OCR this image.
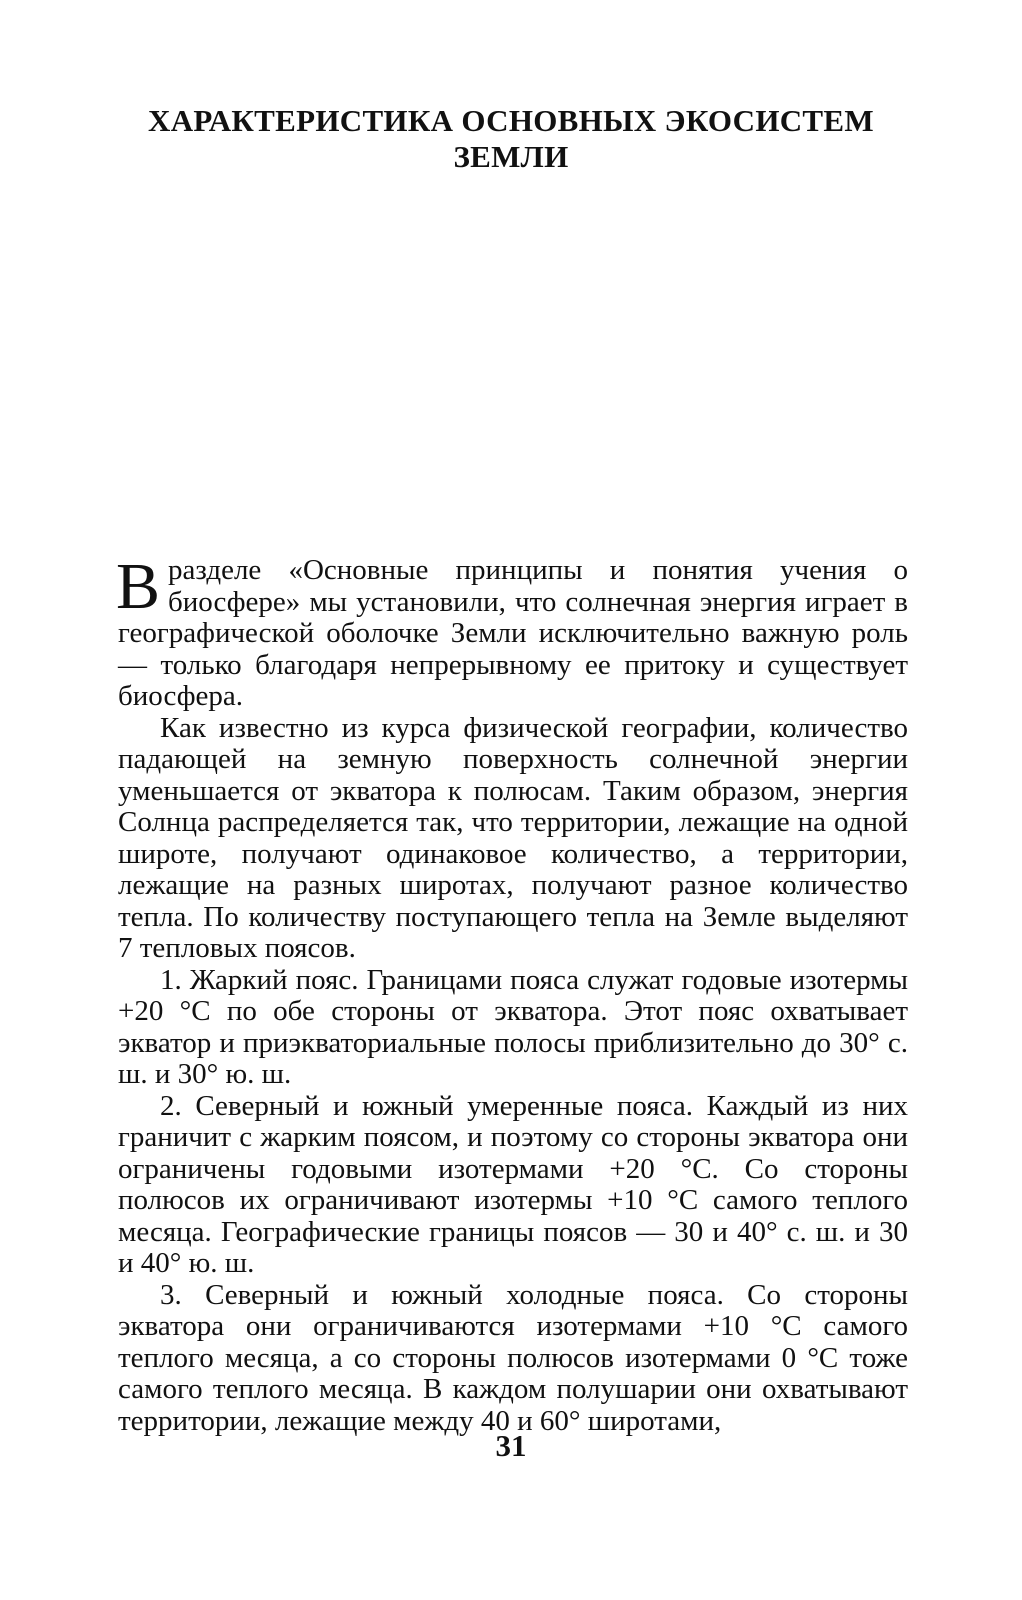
ХАРАКТЕРИСТИКА ОСНОВНЫХ ЭКОСИСТЕМ ЗЕМЛИ

В разделе «Основные принципы и понятия учения о биосфере» мы установили, что солнечная энергия играет в географической оболочке Земли исключительно важную роль — только благодаря непрерывному ее притоку и существует биосфера.

Как известно из курса физической географии, количество падающей на земную поверхность солнечной энергии уменьшается от экватора к полюсам. Таким образом, энергия Солнца распределяется так, что территории, лежащие на одной широте, получают одинаковое количество, а территории, лежащие на разных широтах, получают разное количество тепла. По количеству поступающего тепла на Земле выделяют 7 тепловых поясов.

1. Жаркий пояс. Границами пояса служат годовые изотермы +20 °С по обе стороны от экватора. Этот пояс охватывает экватор и приэкваториальные полосы приблизительно до 30° с. ш. и 30° ю. ш.

2. Северный и южный умеренные пояса. Каждый из них граничит с жарким поясом, и поэтому со стороны экватора они ограничены годовыми изотермами +20 °С. Со стороны полюсов их ограничивают изотермы +10 °С самого теплого месяца. Географические границы поясов — 30 и 40° с. ш. и 30 и 40° ю. ш.

3. Северный и южный холодные пояса. Со стороны экватора они ограничиваются изотермами +10 °С самого теплого месяца, а со стороны полюсов изотермами 0 °С тоже самого теплого месяца. В каждом полушарии они охватывают территории, лежащие между 40 и 60° широтами,

31
